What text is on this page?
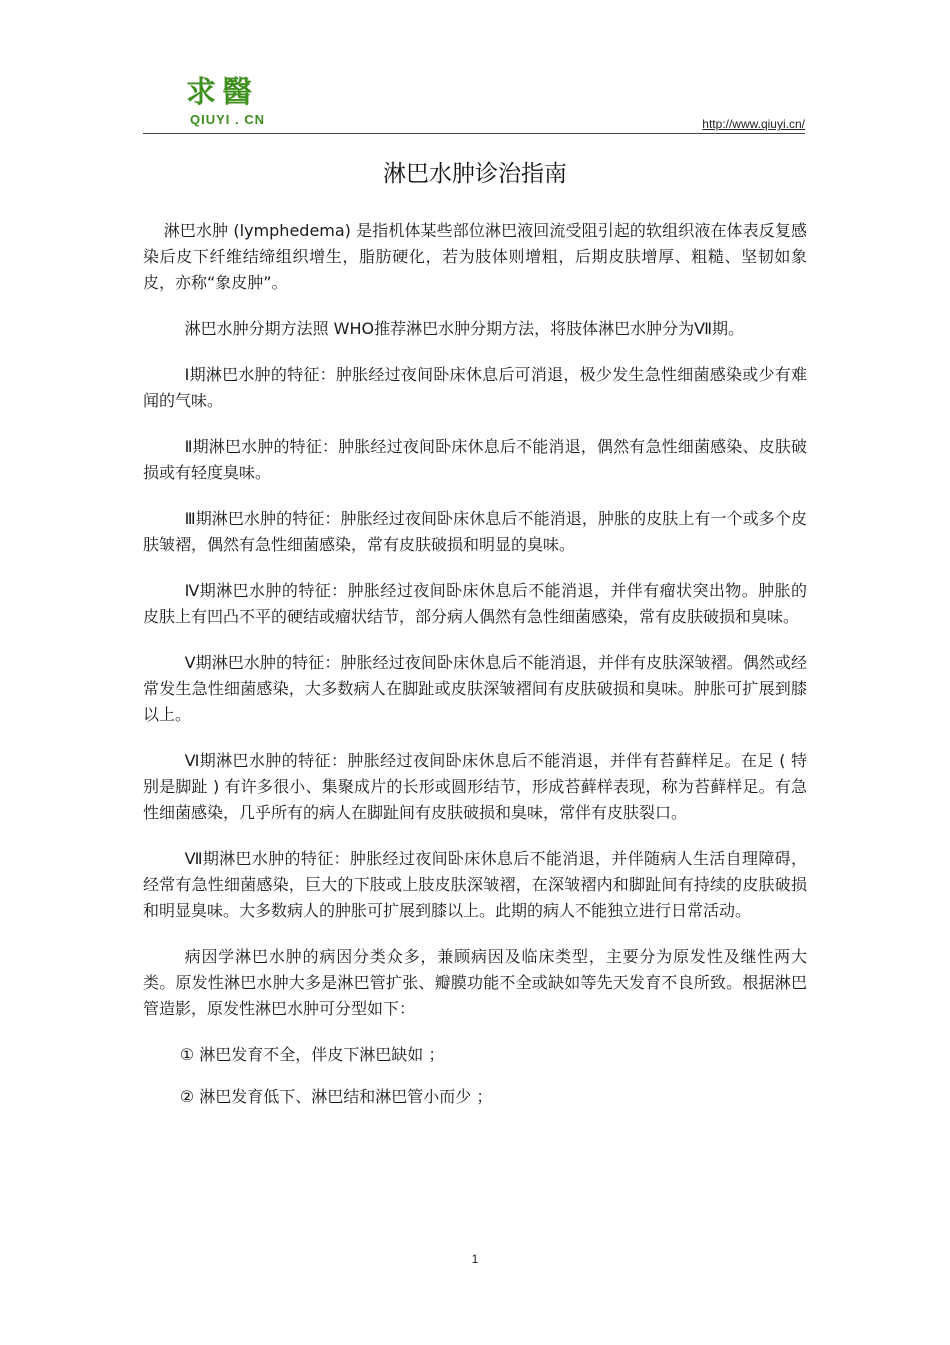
求醫
QIUYI . CN	http://www.qiuyi.cn/
淋巴水肿诊治指南

淋巴水肿 (lymphedema) 是指机体某些部位淋巴液回流受阻引起的软组织液在体表反复感染后皮下纤维结缔组织增生，脂肪硬化，若为肢体则增粗，后期皮肤增厚、粗糙、坚韧如象皮，亦称“象皮肿”。

淋巴水肿分期方法照 WHO推荐淋巴水肿分期方法，将肢体淋巴水肿分为Ⅶ期。

Ⅰ期淋巴水肿的特征：肿胀经过夜间卧床休息后可消退，极少发生急性细菌感染或少有难闻的气味。

Ⅱ期淋巴水肿的特征：肿胀经过夜间卧床休息后不能消退，偶然有急性细菌感染、皮肤破损或有轻度臭味。

Ⅲ期淋巴水肿的特征：肿胀经过夜间卧床休息后不能消退，肿胀的皮肤上有一个或多个皮肤皱褶，偶然有急性细菌感染，常有皮肤破损和明显的臭味。

Ⅳ期淋巴水肿的特征：肿胀经过夜间卧床休息后不能消退，并伴有瘤状突出物。肿胀的皮肤上有凹凸不平的硬结或瘤状结节，部分病人偶然有急性细菌感染，常有皮肤破损和臭味。

Ⅴ期淋巴水肿的特征：肿胀经过夜间卧床休息后不能消退，并伴有皮肤深皱褶。偶然或经常发生急性细菌感染，大多数病人在脚趾或皮肤深皱褶间有皮肤破损和臭味。肿胀可扩展到膝以上。

Ⅵ期淋巴水肿的特征：肿胀经过夜间卧床休息后不能消退，并伴有苔藓样足。在足 ( 特别是脚趾 ) 有许多很小、集聚成片的长形或圆形结节，形成苔藓样表现，称为苔藓样足。有急性细菌感染，几乎所有的病人在脚趾间有皮肤破损和臭味，常伴有皮肤裂口。

Ⅶ期淋巴水肿的特征：肿胀经过夜间卧床休息后不能消退，并伴随病人生活自理障碍，经常有急性细菌感染，巨大的下肢或上肢皮肤深皱褶，在深皱褶内和脚趾间有持续的皮肤破损和明显臭味。大多数病人的肿胀可扩展到膝以上。此期的病人不能独立进行日常活动。

病因学淋巴水肿的病因分类众多，兼顾病因及临床类型，主要分为原发性及继性两大类。原发性淋巴水肿大多是淋巴管扩张、瓣膜功能不全或缺如等先天发育不良所致。根据淋巴管造影，原发性淋巴水肿可分型如下：

① 淋巴发育不全，伴皮下淋巴缺如 ；

② 淋巴发育低下、淋巴结和淋巴管小而少 ；

1
